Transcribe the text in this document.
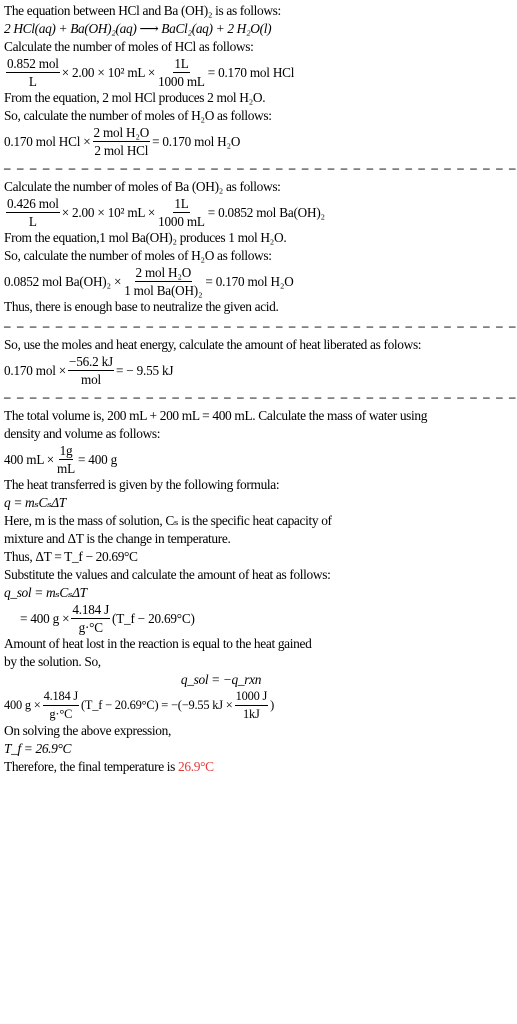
The equation between HCl and Ba (OH)₂ is as follows:
2 HCl(aq) + Ba(OH)₂(aq) ⟶ BaCl₂(aq) + 2 H₂O(l)
Calculate the number of moles of HCl as follows:
$\frac{\text{0.852 mol}}{L} \times 2.00 \times 10^2$ mL × $\frac{1L}{1000 mL} = 0.170$ mol HCl
From the equation, 2 mol HCl produces 2 mol H₂O.
So, calculate the number of moles of H₂O as follows:
0.170 mol HCl × $\frac{\text{2 mol H₂O}}{\text{2 mol HCl}} = 0.170$ mol H₂O
– – – – – – – – – – – – – – – – – – – – – – – – – – – – – – – – – – – – – – – –
Calculate the number of moles of Ba (OH)₂ as follows:
$\frac{\text{0.426 mol}}{L} \times 2.00 \times 10^2$ mL × $\frac{1L}{1000 mL} = 0.0852$ mol Ba(OH)₂
From the equation,1 mol Ba(OH)₂ produces 1 mol H₂O.
So, calculate the number of moles of H₂O as follows:
0.0852 mol $Ba(OH)_2 \times \frac{\text{2 mol H₂O}}{\text{1 mol Ba(OH)₂}} = 0.170$ mol H₂O
Thus, there is enough base to neutralize the given acid.
– – – – – – – – – – – – – – – – – – – – – – – – – – – – – – – – – – – – – – – –
So, use the moles and heat energy, calculate the amount of heat liberated as folows:
0.170 mol × $\frac{-56.2 kJ}{\text{mol}}$ = − 9.55 kJ
– – – – – – – – – – – – – – – – – – – – – – – – – – – – – – – – – – – – – – – –
The total volume is, 200 mL + 200 mL = 400 mL. Calculate the mass of water using density and volume as follows:
400 mL × $\frac{1g}{mL} = 400$ g
The heat transferred is given by the following formula:
q = mₛCₛΔT
Here, m is the mass of solution, Cₛ is the specific heat capacity of
mixture and ΔT is the change in temperature.
Thus, ΔT = T_f − 20.69°C
Substitute the values and calculate the amount of heat as follows:
q_sol = mₛCₛΔT
= 400 $g \times \frac{4.184 J}{g\cdot^\circ C}$ (T_f − 20.69°C)
Amount of heat lost in the reaction is equal to the heat gained
by the solution. So,
q_sol = −q_rxn
400 $g \times \frac{4.184 J}{g\cdot^\circ C}$ (T_f − 20.69°C) = −(−9.55 kJ × $\frac{1000 J}{1kJ}$ )
On solving the above expression,
T_f = 26.9°C
Therefore, the final temperature is 26.9°C
